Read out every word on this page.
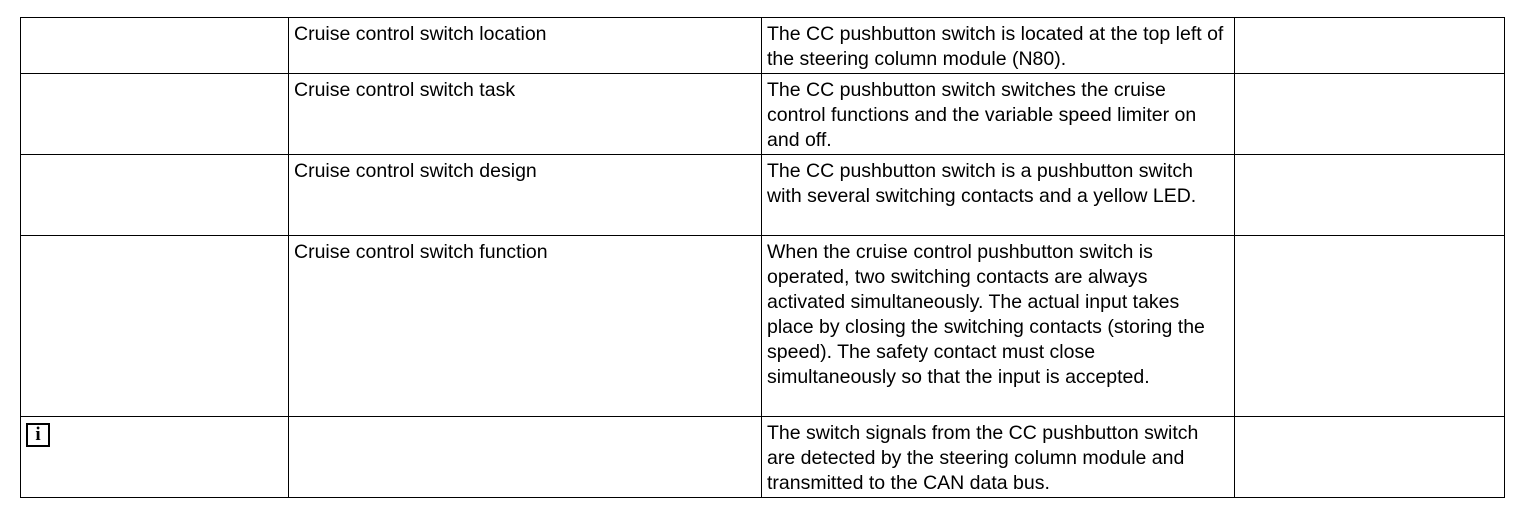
	Cruise control switch location	The CC pushbutton switch is located at the top left of the steering column module (N80).	
	Cruise control switch task	The CC pushbutton switch switches the cruise control functions and the variable speed limiter on and off.	
	Cruise control switch design	The CC pushbutton switch is a pushbutton switch with several switching contacts and a yellow LED.	
	Cruise control switch function	When the cruise control pushbutton switch is operated, two switching contacts are always activated simultaneously. The actual input takes place by closing the switching contacts (storing the speed). The safety contact must close simultaneously so that the input is accepted.	
i		The switch signals from the CC pushbutton switch are detected by the steering column module and transmitted to the CAN data bus.	
